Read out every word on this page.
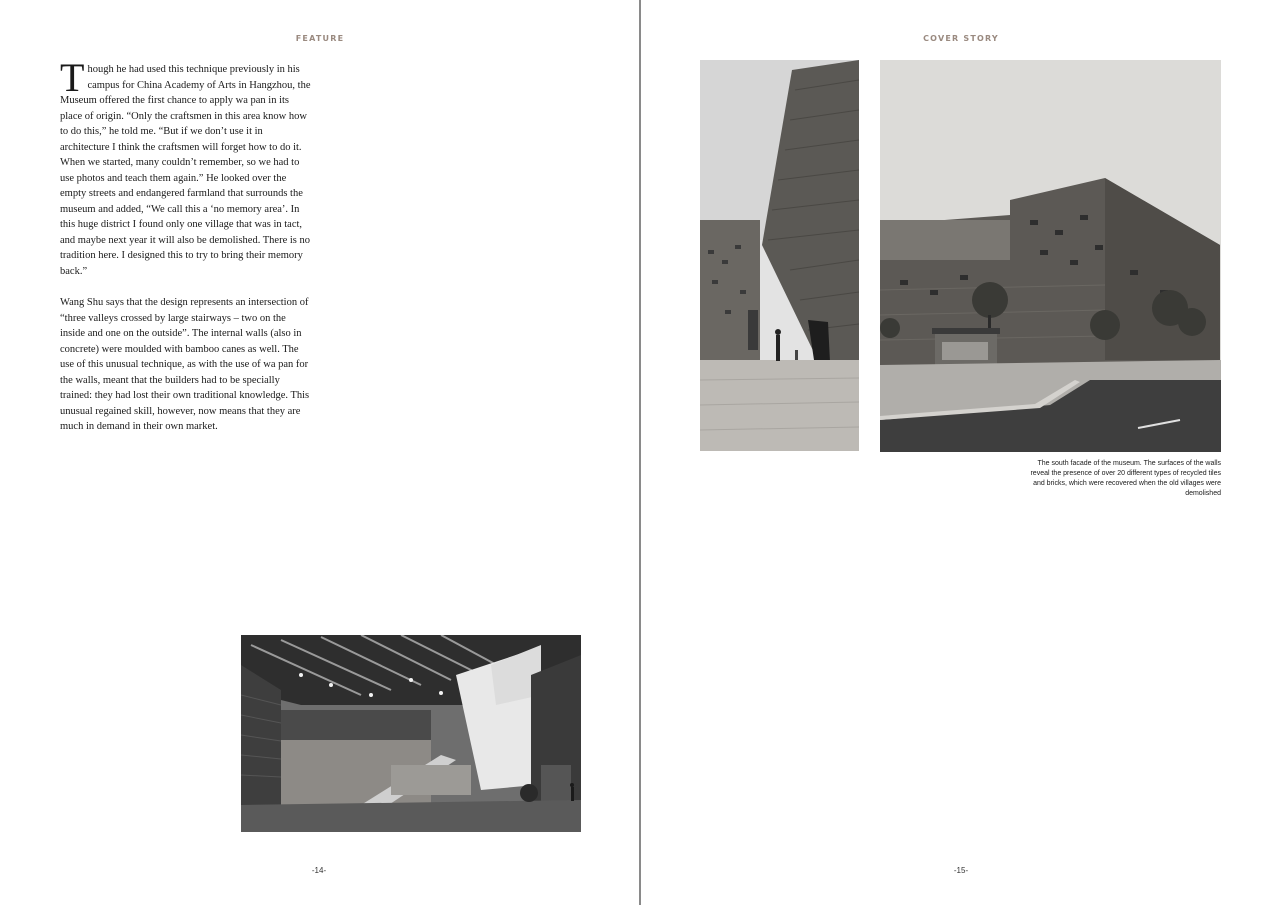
FEATURE

Though he had used this technique previously in his campus for China Academy of Arts in Hangzhou, the Museum offered the first chance to apply wa pan in its place of origin. “Only the craftsmen in this area know how to do this,” he told me. “But if we don’t use it in architecture I think the craftsmen will forget how to do it. When we started, many couldn’t remember, so we had to use photos and teach them again.” He looked over the empty streets and endangered farmland that surrounds the museum and added, “We call this a ‘no memory area’. In this huge district I found only one village that was in tact, and maybe next year it will also be demolished. There is no tradition here. I designed this to try to bring their memory back.”

Wang Shu says that the design represents an intersection of “three valleys crossed by large stairways – two on the inside and one on the outside”. The internal walls (also in concrete) were moulded with bamboo canes as well. The use of this unusual technique, as with the use of wa pan for the walls, meant that the builders had to be specially trained: they had lost their own traditional knowledge. This unusual regained skill, however, now means that they are much in demand in their own market.

-14-
COVER STORY
The south facade of the museum. The surfaces of the walls reveal the presence of over 20 different types of recycled tiles and bricks, which were recovered when the old villages were demolished
-15-
